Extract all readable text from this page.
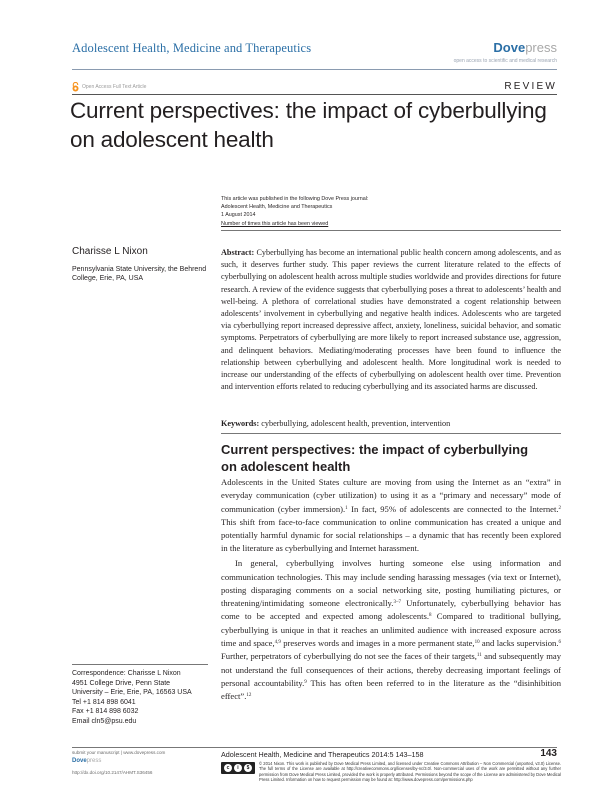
Adolescent Health, Medicine and Therapeutics	Dovepress
open access to scientific and medical research
Open Access Full Text Article	REVIEW
Current perspectives: the impact of cyberbullying
on adolescent health
This article was published in the following Dove Press journal:
Adolescent Health, Medicine and Therapeutics
1 August 2014
Number of times this article has been viewed
Charisse L Nixon
Pennsylvania State University, the Behrend College, Erie, PA, USA
Correspondence: Charisse L Nixon
4951 College Drive, Penn State
University – Erie, Erie, PA, 16563 USA
Tel +1 814 898 6041
Fax +1 814 898 6032
Email cln5@psu.edu
Abstract: Cyberbullying has become an international public health concern among adolescents, and as such, it deserves further study. This paper reviews the current literature related to the effects of cyberbullying on adolescent health across multiple studies worldwide and provides directions for future research. A review of the evidence suggests that cyberbullying poses a threat to adolescents’ health and well-being. A plethora of correlational studies have demonstrated a cogent relationship between adolescents’ involvement in cyberbullying and negative health indices. Adolescents who are targeted via cyberbullying report increased depressive affect, anxiety, loneliness, suicidal behavior, and somatic symptoms. Perpetrators of cyberbullying are more likely to report increased substance use, aggression, and delinquent behaviors. Mediating/moderating processes have been found to influence the relationship between cyberbullying and adolescent health. More longitudinal work is needed to increase our understanding of the effects of cyberbullying on adolescent health over time. Prevention and intervention efforts related to reducing cyberbullying and its associated harms are discussed.
Keywords: cyberbullying, adolescent health, prevention, intervention
Current perspectives: the impact of cyberbullying
on adolescent health

Adolescents in the United States culture are moving from using the Internet as an “extra” in everyday communication (cyber utilization) to using it as a “primary and necessary” mode of communication (cyber immersion).$^1$ In fact, 95% of adolescents are connected to the Internet.$^2$ This shift from face-to-face communication to online communication has created a unique and potentially harmful dynamic for social relationships – a dynamic that has recently been explored in the literature as cyberbullying and Internet harassment.

In general, cyberbullying involves hurting someone else using information and communication technologies. This may include sending harassing messages (via text or Internet), posting disparaging comments on a social networking site, posting humiliating pictures, or threatening/intimidating someone electronically.$^{3-7}$ Unfortunately, cyberbullying behavior has come to be accepted and expected among adolescents.$^8$ Compared to traditional bullying, cyberbullying is unique in that it reaches an unlimited audience with increased exposure across time and space,$^{4,9}$ preserves words and images in a more permanent state,$^{10}$ and lacks supervision.$^6$ Further, perpetrators of cyberbullying do not see the faces of their targets,$^{11}$ and subsequently may not understand the full consequences of their actions, thereby decreasing important feelings of personal accountability.$^9$ This has often been referred to in the literature as the “disinhibition effect”.$^{12}$

submit your manuscript | www.dovepress.com
Dovepress
http://dx.doi.org/10.2147/AHMT.S36456
Adolescent Health, Medicine and Therapeutics 2014:5 143–158	143
c	i	$
© 2014 Nixon. This work is published by Dove Medical Press Limited, and licensed under Creative Commons Attribution – Non Commercial (unported, v3.0) License. The full terms of the License are available at http://creativecommons.org/licenses/by-nc/3.0/. Non-commercial uses of the work are permitted without any further permission from Dove Medical Press Limited, provided the work is properly attributed. Permissions beyond the scope of the License are administered by Dove Medical Press Limited. Information on how to request permission may be found at: http://www.dovepress.com/permissions.php
